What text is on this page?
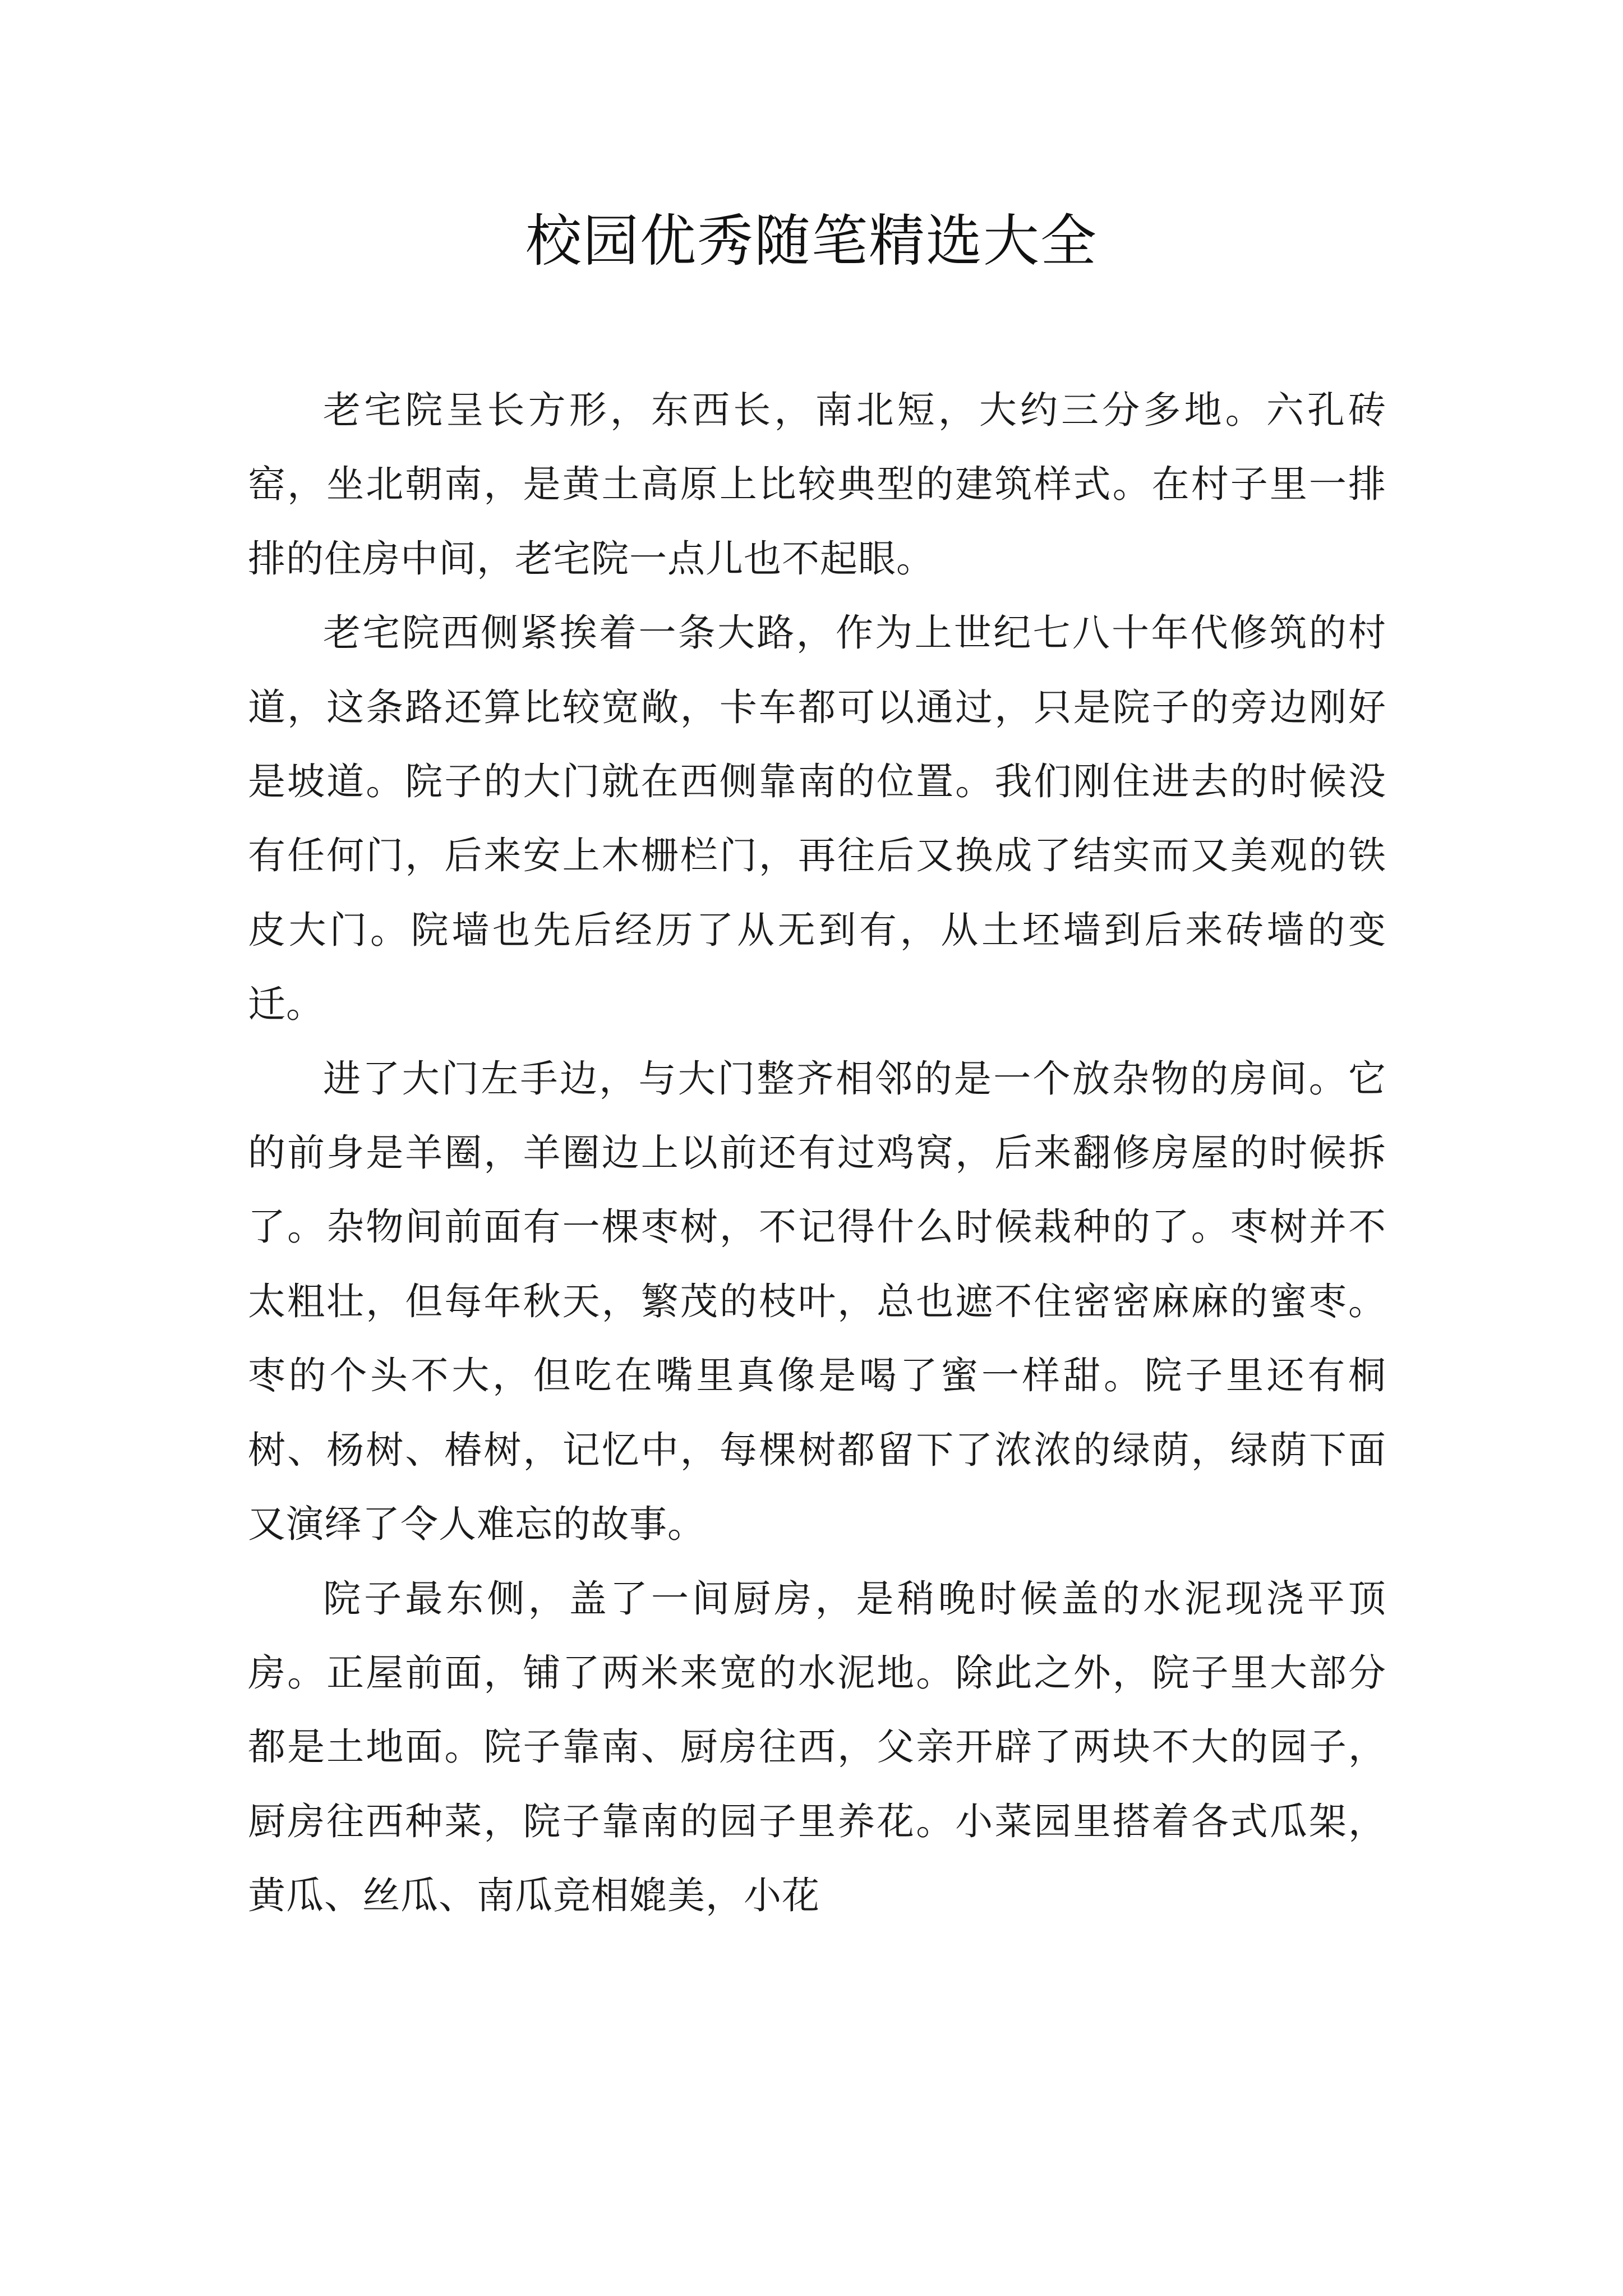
校园优秀随笔精选大全

老宅院呈长方形，东西长，南北短，大约三分多地。六孔砖窑，坐北朝南，是黄土高原上比较典型的建筑样式。在村子里一排排的住房中间，老宅院一点儿也不起眼。

老宅院西侧紧挨着一条大路，作为上世纪七八十年代修筑的村道，这条路还算比较宽敞，卡车都可以通过，只是院子的旁边刚好是坡道。院子的大门就在西侧靠南的位置。我们刚住进去的时候没有任何门，后来安上木栅栏门，再往后又换成了结实而又美观的铁皮大门。院墙也先后经历了从无到有，从土坯墙到后来砖墙的变迁。

进了大门左手边，与大门整齐相邻的是一个放杂物的房间。它的前身是羊圈，羊圈边上以前还有过鸡窝，后来翻修房屋的时候拆了。杂物间前面有一棵枣树，不记得什么时候栽种的了。枣树并不太粗壮，但每年秋天，繁茂的枝叶，总也遮不住密密麻麻的蜜枣。枣的个头不大，但吃在嘴里真像是喝了蜜一样甜。院子里还有桐树、杨树、椿树，记忆中，每棵树都留下了浓浓的绿荫，绿荫下面又演绎了令人难忘的故事。

院子最东侧，盖了一间厨房，是稍晚时候盖的水泥现浇平顶房。正屋前面，铺了两米来宽的水泥地。除此之外，院子里大部分都是土地面。院子靠南、厨房往西，父亲开辟了两块不大的园子，厨房往西种菜，院子靠南的园子里养花。小菜园里搭着各式瓜架，黄瓜、丝瓜、南瓜竞相媲美，小花
